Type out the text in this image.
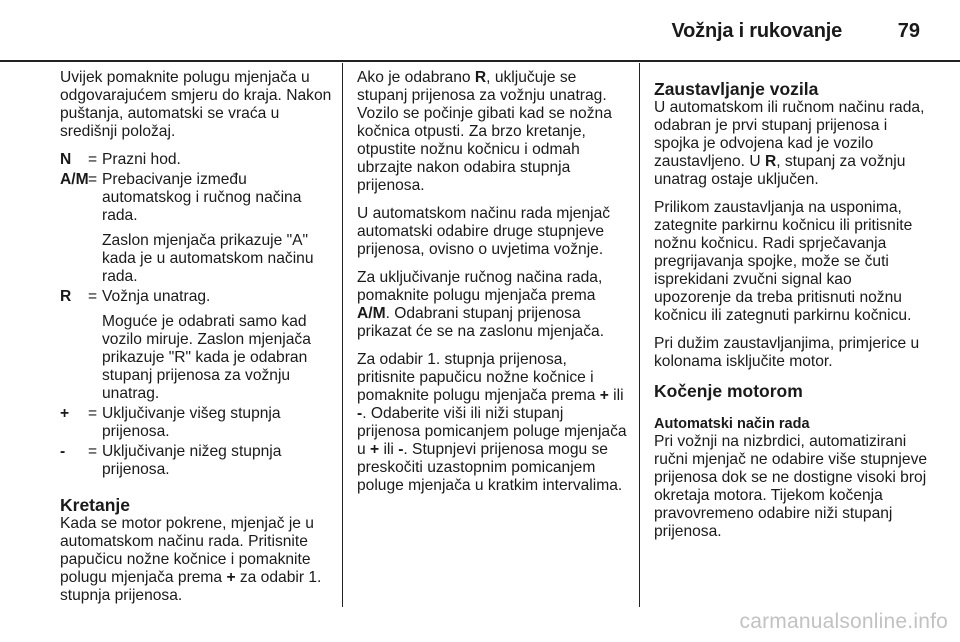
Vožnja i rukovanje	79

Uvijek pomaknite polugu mjenjača u odgovarajućem smjeru do kraja. Nakon puštanja, automatski se vraća u središnji položaj.

N	= Prazni hod.

A/M = Prebacivanje između automatskog i ručnog načina rada.

Zaslon mjenjača prikazuje "A" kada je u automatskom načinu rada.

R	= Vožnja unatrag.

Moguće je odabrati samo kad vozilo miruje. Zaslon mjenjača prikazuje "R" kada je odabran stupanj prijenosa za vožnju unatrag.

+	= Uključivanje višeg stupnja prijenosa.

-	= Uključivanje nižeg stupnja prijenosa.

Kretanje

Kada se motor pokrene, mjenjač je u automatskom načinu rada. Pritisnite papučicu nožne kočnice i pomaknite polugu mjenjača prema + za odabir 1. stupnja prijenosa.

Ako je odabrano R, uključuje se stupanj prijenosa za vožnju unatrag. Vozilo se počinje gibati kad se nožna kočnica otpusti. Za brzo kretanje, otpustite nožnu kočnicu i odmah ubrzajte nakon odabira stupnja prijenosa.

U automatskom načinu rada mjenjač automatski odabire druge stupnjeve prijenosa, ovisno o uvjetima vožnje.

Za uključivanje ručnog načina rada, pomaknite polugu mjenjača prema A/M. Odabrani stupanj prijenosa prikazat će se na zaslonu mjenjača.

Za odabir 1. stupnja prijenosa, pritisnite papučicu nožne kočnice i pomaknite polugu mjenjača prema + ili -. Odaberite viši ili niži stupanj prijenosa pomicanjem poluge mjenjača u + ili -. Stupnjevi prijenosa mogu se preskočiti uzastopnim pomicanjem poluge mjenjača u kratkim intervalima.

Zaustavljanje vozila

U automatskom ili ručnom načinu rada, odabran je prvi stupanj prijenosa i spojka je odvojena kad je vozilo zaustavljeno. U R, stupanj za vožnju unatrag ostaje uključen.

Prilikom zaustavljanja na usponima, zategnite parkirnu kočnicu ili pritisnite nožnu kočnicu. Radi sprječavanja pregrijavanja spojke, može se čuti isprekidani zvučni signal kao upozorenje da treba pritisnuti nožnu kočnicu ili zategnuti parkirnu kočnicu.

Pri dužim zaustavljanjima, primjerice u kolonama isključite motor.

Kočenje motorom
Automatski način rada

Pri vožnji na nizbrdici, automatizirani ručni mjenjač ne odabire više stupnjeve prijenosa dok se ne dostigne visoki broj okretaja motora. Tijekom kočenja pravovremeno odabire niži stupanj prijenosa.

carmanualsonline.info
